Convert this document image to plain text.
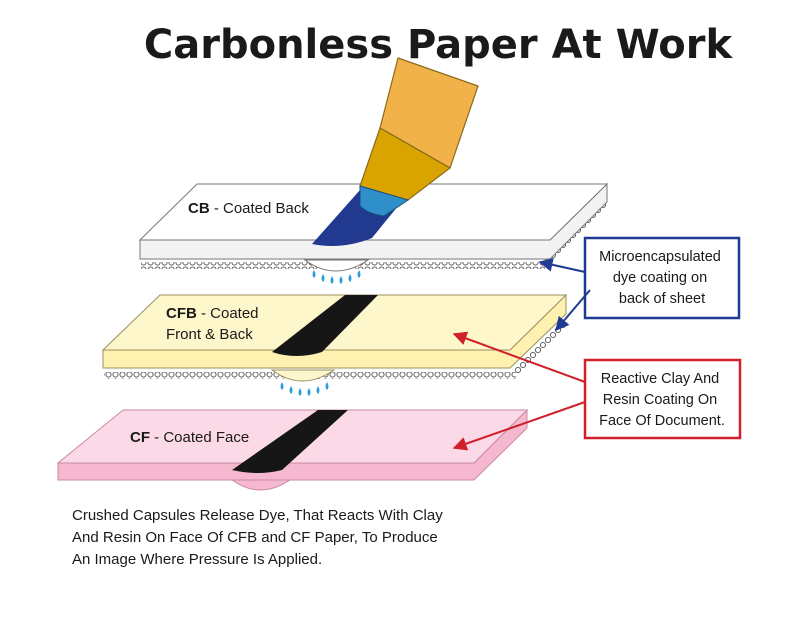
Carbonless Paper At Work
CB - Coated Back
CFB - Coated Front & Back
CF - Coated Face
Microencapsulated dye coating on back of sheet
Reactive Clay And Resin Coating On Face Of Document.
Crushed Capsules Release Dye, That Reacts With Clay And Resin On Face Of CFB and CF Paper, To Produce An Image Where Pressure Is Applied.
